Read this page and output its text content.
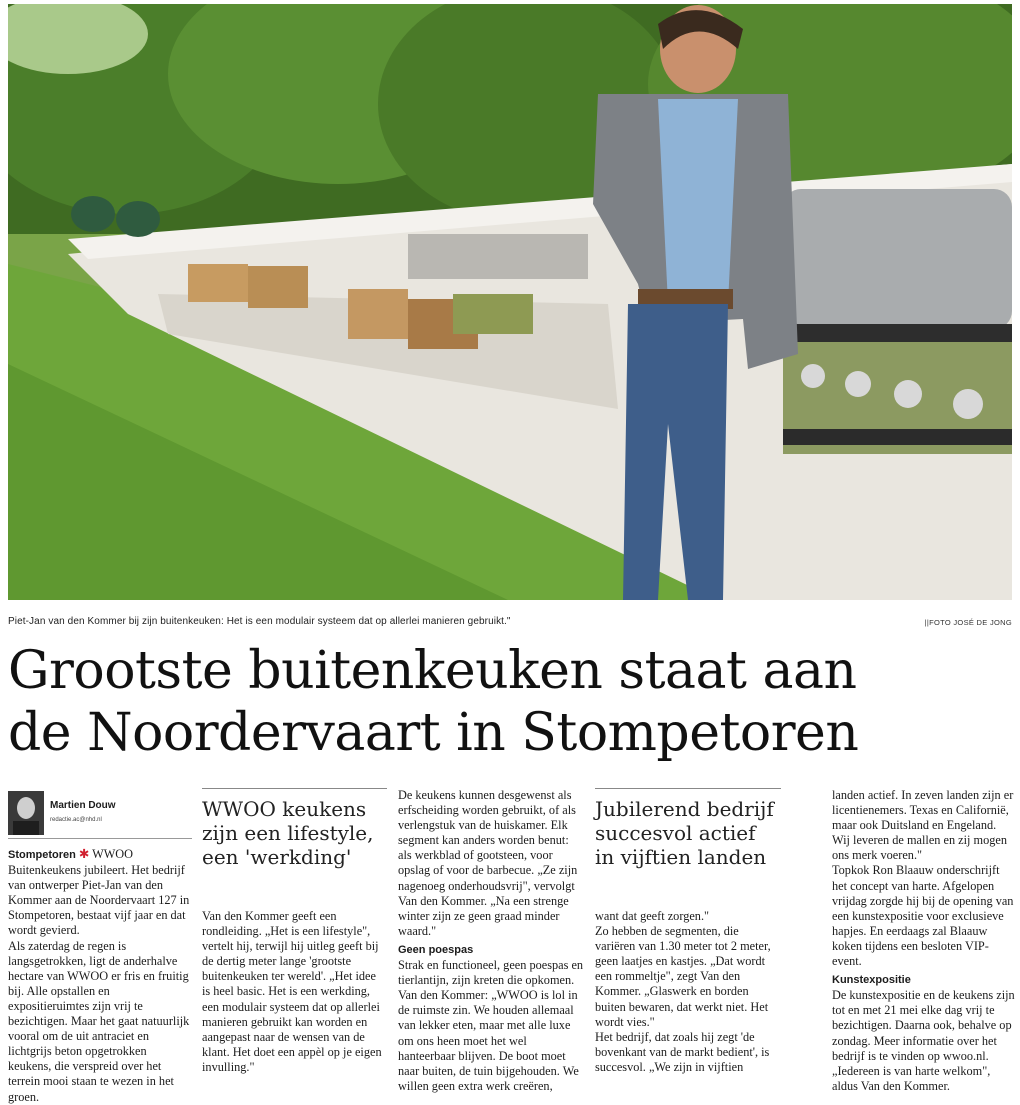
Piet-Jan van den Kommer bij zijn buitenkeuken: Het is een modulair systeem dat op allerlei manieren gebruikt."	||FOTO JOSÉ DE JONG
Grootste buitenkeuken staat aan
de Noordervaart in Stompetoren
Martien Douw
redactie.ac@nhd.nl

Stompetoren ✱ WWOO Buitenkeukens jubileert. Het bedrijf van ontwerper Piet-Jan van den Kommer aan de Noordervaart 127 in Stompetoren, bestaat vijf jaar en dat wordt gevierd.

Als zaterdag de regen is langsgetrokken, ligt de anderhalve hectare van WWOO er fris en fruitig bij. Alle opstallen en expositieruimtes zijn vrij te bezichtigen. Maar het gaat natuurlijk vooral om de uit antraciet en lichtgrijs beton opgetrokken keukens, die verspreid over het terrein mooi staan te wezen in het groen.

WWOO keukens zijn een lifestyle, een 'werkding'

Van den Kommer geeft een rondleiding. „Het is een lifestyle", vertelt hij, terwijl hij uitleg geeft bij de dertig meter lange 'grootste buitenkeuken ter wereld'. „Het idee is heel basic. Het is een werkding, een modulair systeem dat op allerlei manieren gebruikt kan worden en aangepast naar de wensen van de klant. Het doet een appèl op je eigen invulling."

De keukens kunnen desgewenst als erfscheiding worden gebruikt, of als verlengstuk van de huiskamer. Elk segment kan anders worden benut: als werkblad of gootsteen, voor opslag of voor de barbecue. „Ze zijn nagenoeg onderhoudsvrij", vervolgt Van den Kommer. „Na een strenge winter zijn ze geen graad minder waard."

Geen poespas

Strak en functioneel, geen poespas en tierlantijn, zijn kreten die opkomen. Van den Kommer: „WWOO is lol in de ruimste zin. We houden allemaal van lekker eten, maar met alle luxe om ons heen moet het wel hanteerbaar blijven. De boot moet naar buiten, de tuin bijgehouden. We willen geen extra werk creëren,

Jubilerend bedrijf succesvol actief in vijftien landen

want dat geeft zorgen."

Zo hebben de segmenten, die variëren van 1.30 meter tot 2 meter, geen laatjes en kastjes. „Dat wordt een rommeltje", zegt Van den Kommer. „Glaswerk en borden buiten bewaren, dat werkt niet. Het wordt vies."

Het bedrijf, dat zoals hij zegt 'de bovenkant van de markt bedient', is succesvol. „We zijn in vijftien

landen actief. In zeven landen zijn er licentienemers. Texas en Californië, maar ook Duitsland en Engeland. Wij leveren de mallen en zij mogen ons merk voeren."

Topkok Ron Blaauw onderschrijft het concept van harte. Afgelopen vrijdag zorgde hij bij de opening van een kunstexpositie voor exclusieve hapjes. En eerdaags zal Blaauw koken tijdens een besloten VIP-event.

Kunstexpositie

De kunstexpositie en de keukens zijn tot en met 21 mei elke dag vrij te bezichtigen. Daarna ook, behalve op zondag. Meer informatie over het bedrijf is te vinden op wwoo.nl. „Iedereen is van harte welkom", aldus Van den Kommer.
